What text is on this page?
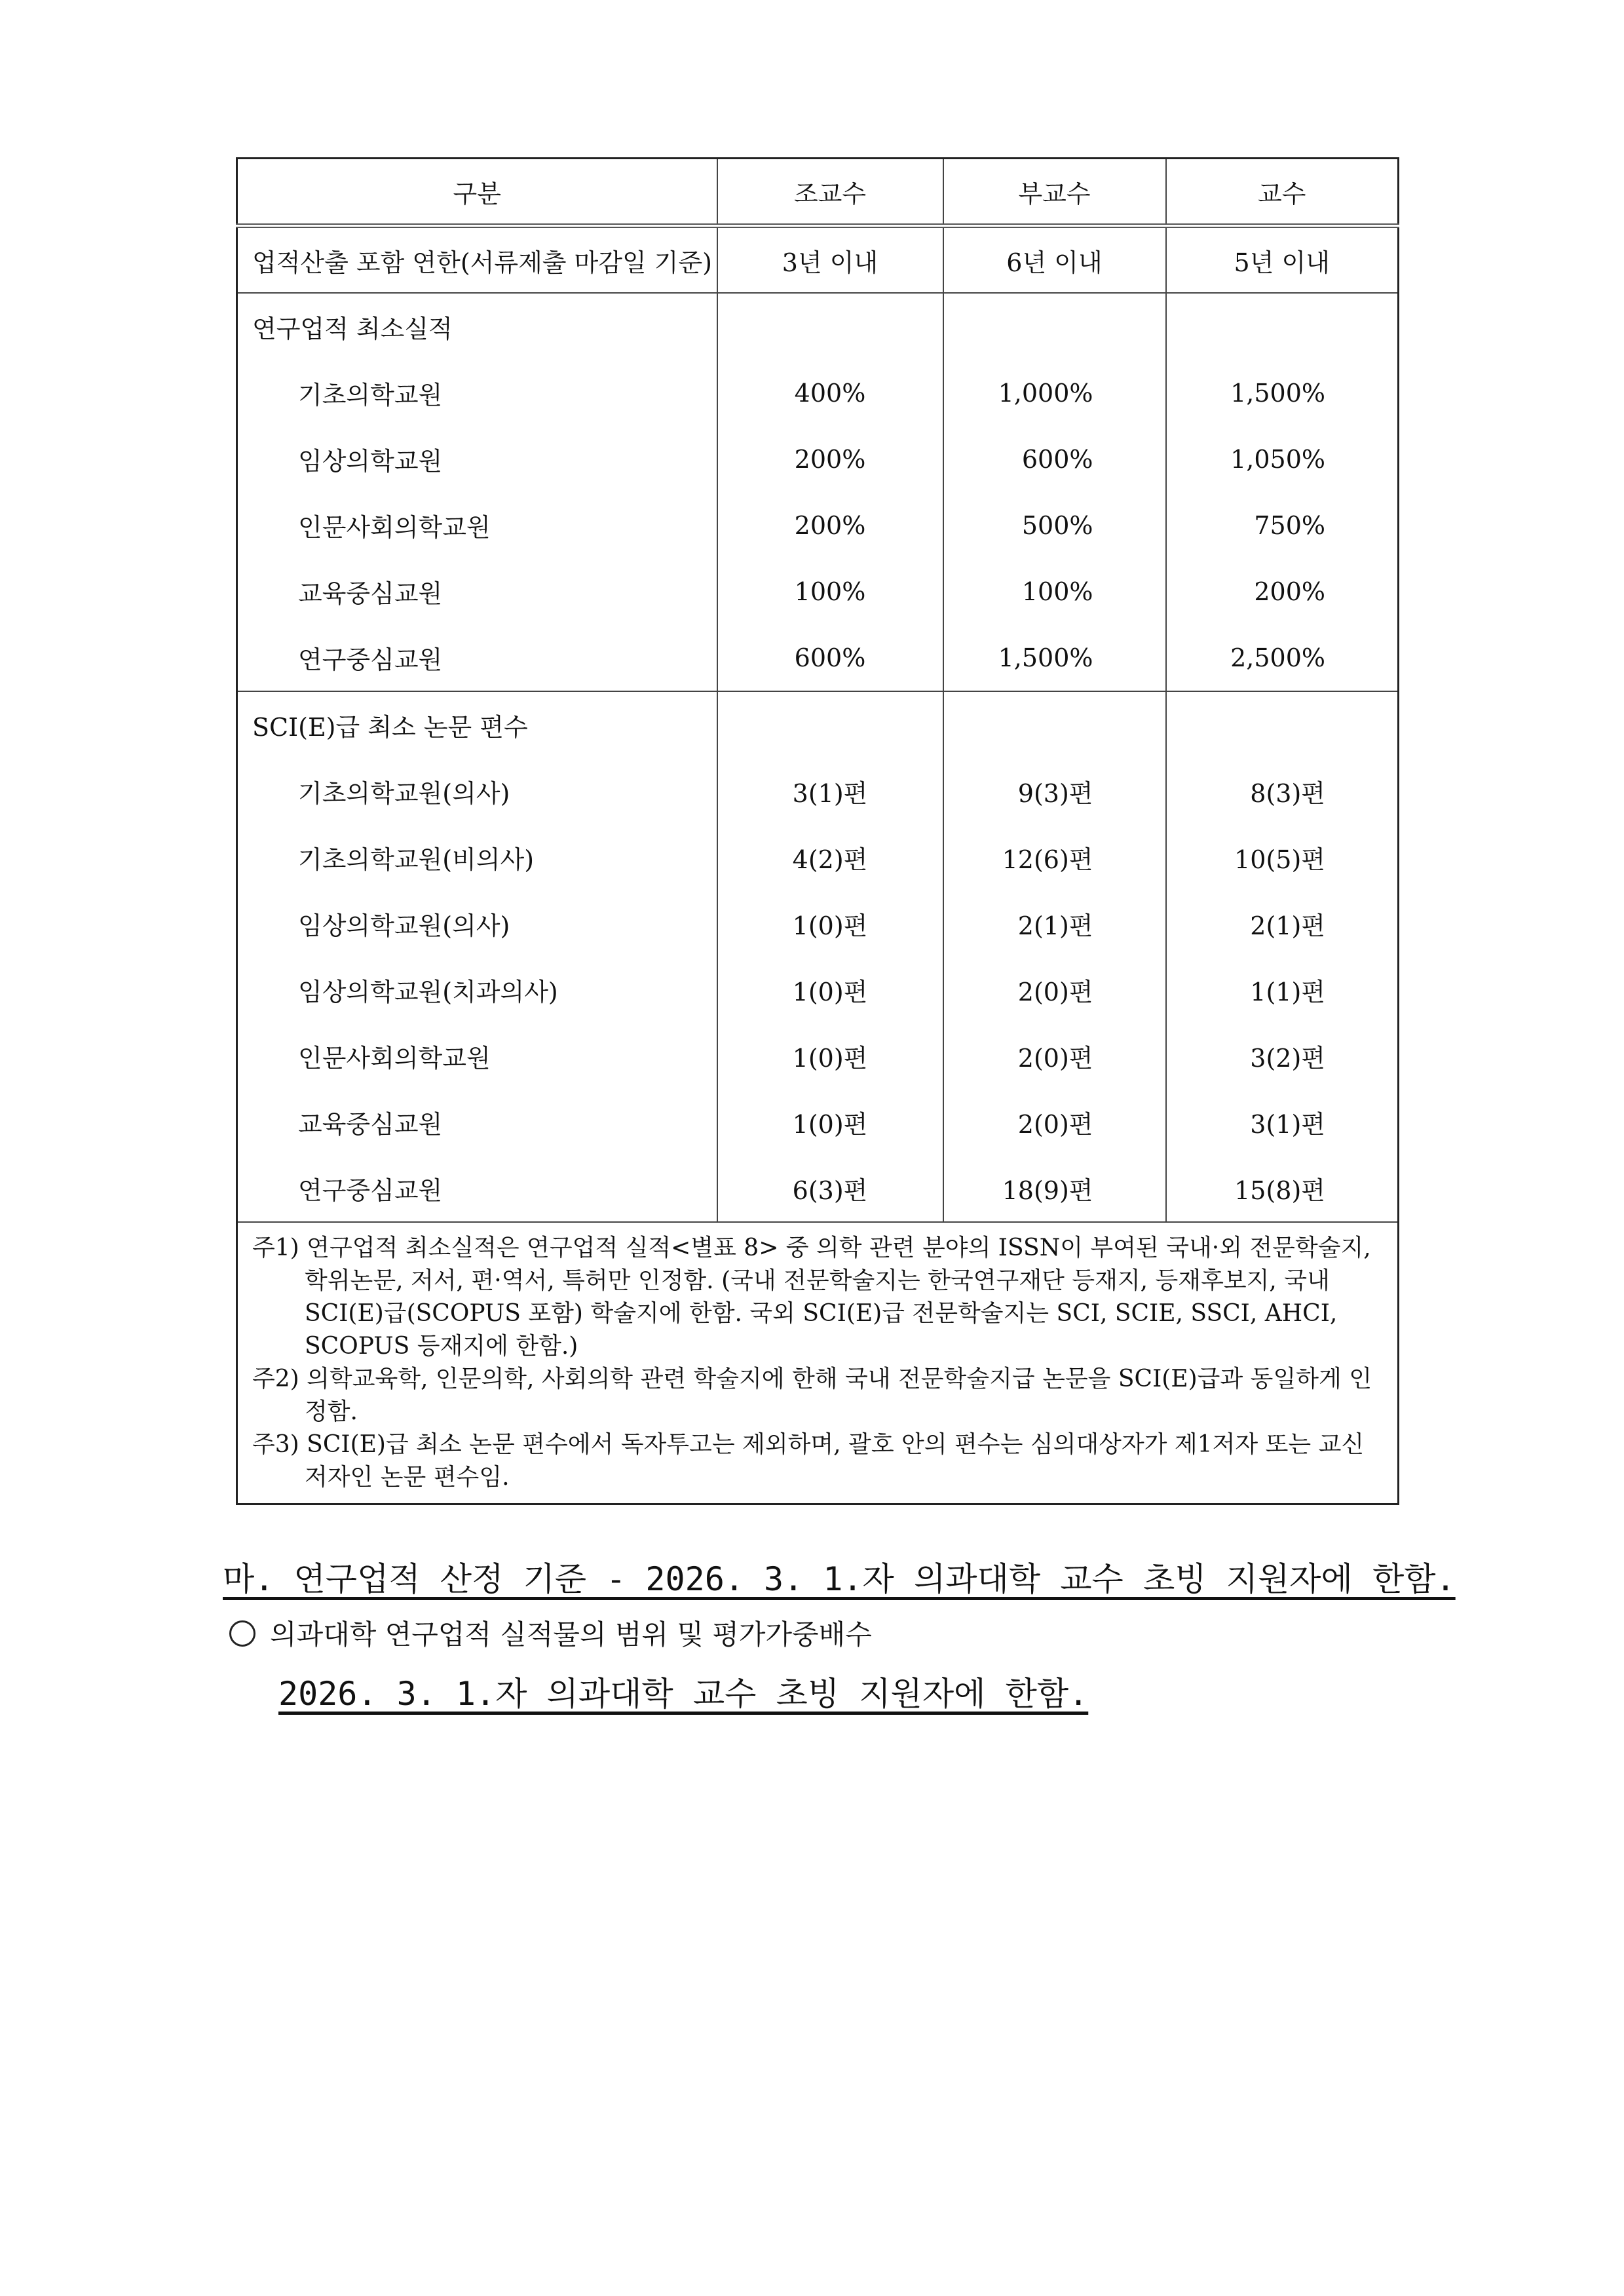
구분	조교수	부교수	교수
업적산출 포함 연한(서류제출 마감일 기준)	3년 이내	6년 이내	5년 이내
연구업적 최소실적			
기초의학교원	400%	1,000%	1,500%
임상의학교원	200%	600%	1,050%
인문사회의학교원	200%	500%	750%
교육중심교원	100%	100%	200%
연구중심교원	600%	1,500%	2,500%
SCI(E)급 최소 논문 편수			
기초의학교원(의사)	3(1)편	9(3)편	8(3)편
기초의학교원(비의사)	4(2)편	12(6)편	10(5)편
임상의학교원(의사)	1(0)편	2(1)편	2(1)편
임상의학교원(치과의사)	1(0)편	2(0)편	1(1)편
인문사회의학교원	1(0)편	2(0)편	3(2)편
교육중심교원	1(0)편	2(0)편	3(1)편
연구중심교원	6(3)편	18(9)편	15(8)편

주1) 연구업적 최소실적은 연구업적 실적<별표 8> 중 의학 관련 분야의 ISSN이 부여된 국내·외 전문학술지, 학위논문, 저서, 편·역서, 특허만 인정함. (국내 전문학술지는 한국연구재단 등재지, 등재후보지, 국내 SCI(E)급(SCOPUS 포함) 학술지에 한함. 국외 SCI(E)급 전문학술지는 SCI, SCIE, SSCI, AHCI, SCOPUS 등재지에 한함.)

주2) 의학교육학, 인문의학, 사회의학 관련 학술지에 한해 국내 전문학술지급 논문을 SCI(E)급과 동일하게 인정함.

주3) SCI(E)급 최소 논문 편수에서 독자투고는 제외하며, 괄호 안의 편수는 심의대상자가 제1저자 또는 교신저자인 논문 편수임.			

마. 연구업적 산정 기준 - 2026. 3. 1.자 의과대학 교수 초빙 지원자에 한함.
의과대학 연구업적 실적물의 범위 및 평가가중배수
2026. 3. 1.자 의과대학 교수 초빙 지원자에 한함.
